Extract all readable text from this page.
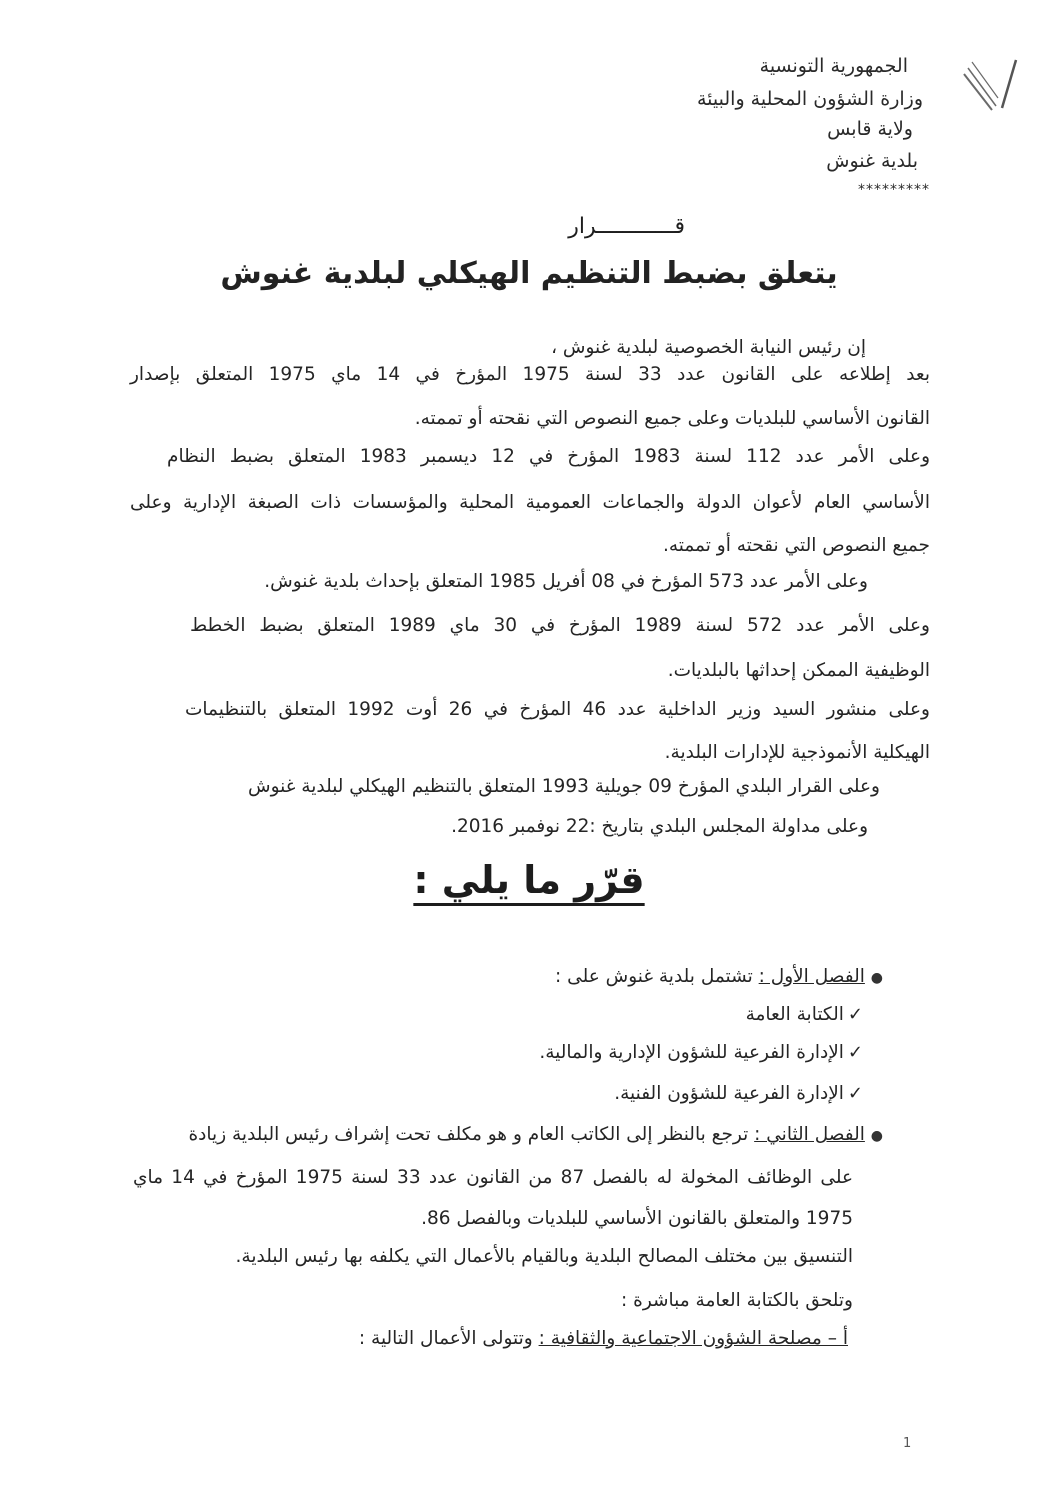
الجمهورية التونسية
وزارة الشؤون المحلية والبيئة
ولاية قابس
بلدية غنوش
*********
قــــــــــــرار
يتعلق بضبط التنظيم الهيكلي لبلدية غنوش
إن رئيس النيابة الخصوصية لبلدية غنوش ،
بعد إطلاعه على القانون عدد 33 لسنة 1975 المؤرخ في 14 ماي 1975 المتعلق بإصدار
القانون الأساسي للبلديات وعلى جميع النصوص التي نقحته أو تممته.
وعلى الأمر عدد 112 لسنة 1983 المؤرخ في 12 ديسمبر 1983 المتعلق بضبط النظام
الأساسي العام لأعوان الدولة والجماعات العمومية المحلية والمؤسسات ذات الصبغة الإدارية وعلى
جميع النصوص التي نقحته أو تممته.
وعلى الأمر عدد 573 المؤرخ في 08 أفريل 1985 المتعلق بإحداث بلدية غنوش.
وعلى الأمر عدد 572 لسنة 1989 المؤرخ في 30 ماي 1989 المتعلق بضبط الخطط
الوظيفية الممكن إحداثها بالبلديات.
وعلى منشور السيد وزير الداخلية عدد 46 المؤرخ في 26 أوت 1992 المتعلق بالتنظيمات
الهيكلية الأنموذجية للإدارات البلدية.
وعلى القرار البلدي المؤرخ 09 جويلية 1993 المتعلق بالتنظيم الهيكلي لبلدية غنوش
وعلى مداولة المجلس البلدي بتاريخ :22 نوفمبر 2016.
قرّر ما يلي :
● الفصل الأول : تشتمل بلدية غنوش على :
✓الكتابة العامة
✓الإدارة الفرعية للشؤون الإدارية والمالية.
✓الإدارة الفرعية للشؤون الفنية.
● الفصل الثاني : ترجع بالنظر إلى الكاتب العام و هو مكلف تحت إشراف رئيس البلدية زيادة
على الوظائف المخولة له بالفصل 87 من القانون عدد 33 لسنة 1975 المؤرخ في 14 ماي
1975 والمتعلق بالقانون الأساسي للبلديات وبالفصل 86.
التنسيق بين مختلف المصالح البلدية وبالقيام بالأعمال التي يكلفه بها رئيس البلدية.
وتلحق بالكتابة العامة مباشرة :
أ – مصلحة الشؤون الاجتماعية والثقافية : وتتولى الأعمال التالية :
1
